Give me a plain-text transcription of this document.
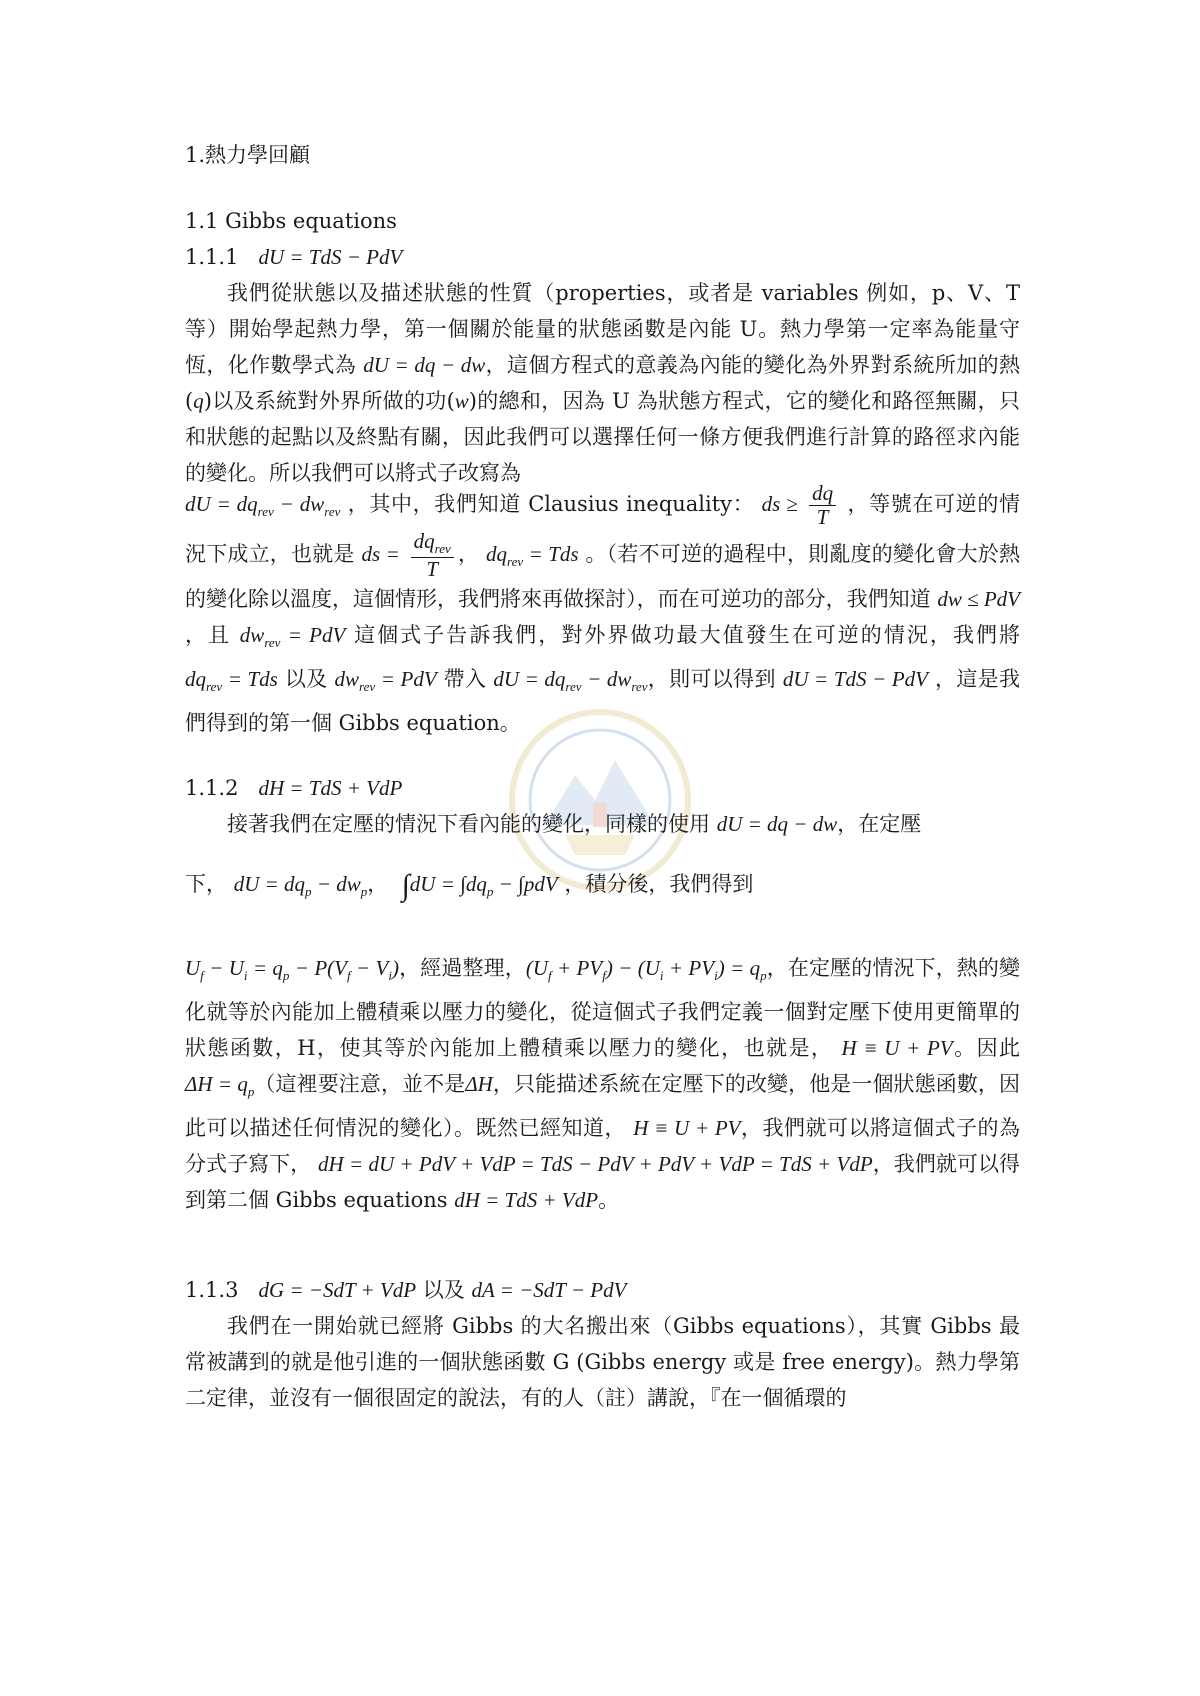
1.熱力學回顧
1.1 Gibbs equations
1.1.1 dU = TdS − PdV

我們從狀態以及描述狀態的性質（properties，或者是 variables 例如，p、V、T 等）開始學起熱力學，第一個關於能量的狀態函數是內能 U。熱力學第一定率為能量守恆，化作數學式為 dU = dq − dw，這個方程式的意義為內能的變化為外界對系統所加的熱(q)以及系統對外界所做的功(w)的總和，因為 U 為狀態方程式，它的變化和路徑無關，只和狀態的起點以及終點有關，因此我們可以選擇任何一條方便我們進行計算的路徑求內能的變化。所以我們可以將式子改寫為

dU = $dq_{rev} - dw_{rev}$ ，其中，我們知道 Clausius inequality： ds ≥ $\frac{dq}{T}$ ，等號在可逆的情況下成立，也就是 ds = $\frac{dq_{rev}}{T}$ ， $dq_{rev}$ = Tds 。（若不可逆的過程中，則亂度的變化會大於熱的變化除以溫度，這個情形，我們將來再做探討），而在可逆功的部分，我們知道 dw ≤ PdV ，且 $dw_{rev}$ = PdV 這個式子告訴我們，對外界做功最大值發生在可逆的情況，我們將 $dq_{rev}$ = Tds 以及 $dw_{rev}$ = PdV 帶入 dU = $dq_{rev} - dw_{rev}$，則可以得到 dU = TdS − PdV ，這是我們得到的第一個 Gibbs equation。

1.1.2 dH = TdS + VdP

接著我們在定壓的情況下看內能的變化，同樣的使用 dU = dq − dw，在定壓

下， dU = $dq_p - dw_p$，  $\int dU = \int dq_p - \int pdV$ ，積分後，我們得到

$U_f - U_i = q_p - P(V_f - V_i)$，經過整理，$(U_f + PV_f) - (U_i + PV_i) = q_p$，在定壓的情況下，熱的變化就等於內能加上體積乘以壓力的變化，從這個式子我們定義一個對定壓下使用更簡單的狀態函數，H，使其等於內能加上體積乘以壓力的變化，也就是， H ≡ U + PV。因此$\Delta H = q_p$（這裡要注意，並不是ΔH，只能描述系統在定壓下的改變，他是一個狀態函數，因此可以描述任何情況的變化）。既然已經知道， H ≡ U + PV，我們就可以將這個式子的為分式子寫下， dH = dU + PdV + VdP = TdS − PdV + PdV + VdP = TdS + VdP，我們就可以得到第二個 Gibbs equations dH = TdS + VdP。

1.1.3 dG = −SdT + VdP 以及 dA = −SdT − PdV

我們在一開始就已經將 Gibbs 的大名搬出來（Gibbs equations），其實 Gibbs 最常被講到的就是他引進的一個狀態函數 G (Gibbs energy 或是 free energy)。熱力學第二定律，並沒有一個很固定的說法，有的人（註）講說，『在一個循環的
